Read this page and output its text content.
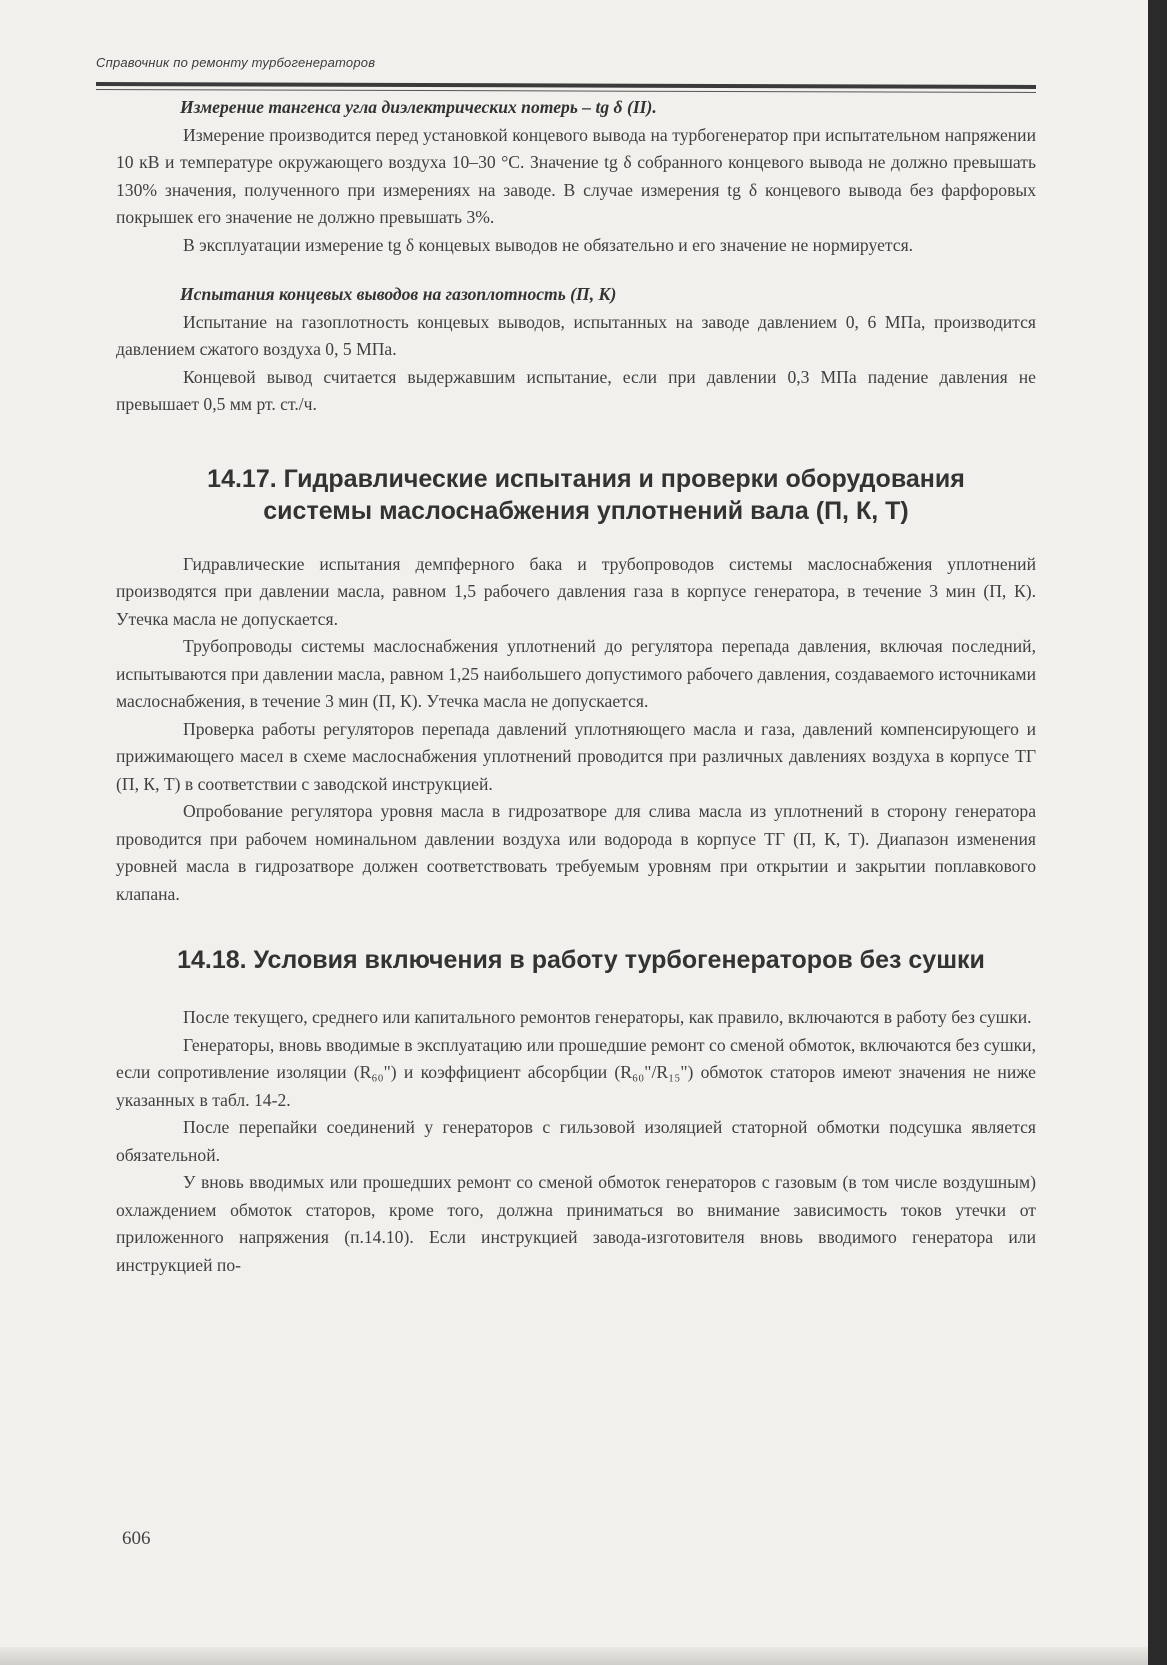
Справочник по ремонту турбогенераторов
Измерение тангенса угла диэлектрических потерь – tg δ (II).

Измерение производится перед установкой концевого вывода на турбогенератор при испытательном напряжении 10 кВ и температуре окружающего воздуха 10–30 °С. Значение tg δ собранного концевого вывода не должно превышать 130% значения, полученного при измерениях на заводе. В случае измерения tg δ концевого вывода без фарфоровых покрышек его значение не должно превышать 3%.

В эксплуатации измерение tg δ концевых выводов не обязательно и его значение не нормируется.

Испытания концевых выводов на газоплотность (П, К)

Испытание на газоплотность концевых выводов, испытанных на заводе давлением 0, 6 МПа, производится давлением сжатого воздуха 0, 5 МПа.

Концевой вывод считается выдержавшим испытание, если при давлении 0,3 МПа падение давления не превышает 0,5 мм рт. ст./ч.

14.17. Гидравлические испытания и проверки оборудования системы маслоснабжения уплотнений вала (П, К, Т)

Гидравлические испытания демпферного бака и трубопроводов системы маслоснабжения уплотнений производятся при давлении масла, равном 1,5 рабочего давления газа в корпусе генератора, в течение 3 мин (П, К). Утечка масла не допускается.

Трубопроводы системы маслоснабжения уплотнений до регулятора перепада давления, включая последний, испытываются при давлении масла, равном 1,25 наибольшего допустимого рабочего давления, создаваемого источниками маслоснабжения, в течение 3 мин (П, К). Утечка масла не допускается.

Проверка работы регуляторов перепада давлений уплотняющего масла и газа, давлений компенсирующего и прижимающего масел в схеме маслоснабжения уплотнений проводится при различных давлениях воздуха в корпусе ТГ (П, К, Т) в соответствии с заводской инструкцией.

Опробование регулятора уровня масла в гидрозатворе для слива масла из уплотнений в сторону генератора проводится при рабочем номинальном давлении воздуха или водорода в корпусе ТГ (П, К, Т). Диапазон изменения уровней масла в гидрозатворе должен соответствовать требуемым уровням при открытии и закрытии поплавкового клапана.

14.18. Условия включения в работу турбогенераторов без сушки

После текущего, среднего или капитального ремонтов генераторы, как правило, включаются в работу без сушки.

Генераторы, вновь вводимые в эксплуатацию или прошедшие ремонт со сменой обмоток, включаются без сушки, если сопротивление изоляции (R₆₀") и коэффициент абсорбции (R₆₀"/R₁₅") обмоток статоров имеют значения не ниже указанных в табл. 14-2.

После перепайки соединений у генераторов с гильзовой изоляцией статорной обмотки подсушка является обязательной.

У вновь вводимых или прошедших ремонт со сменой обмоток генераторов с газовым (в том числе воздушным) охлаждением обмоток статоров, кроме того, должна приниматься во внимание зависимость токов утечки от приложенного напряжения (п.14.10). Если инструкцией завода-изготовителя вновь вводимого генератора или инструкцией по-

606
